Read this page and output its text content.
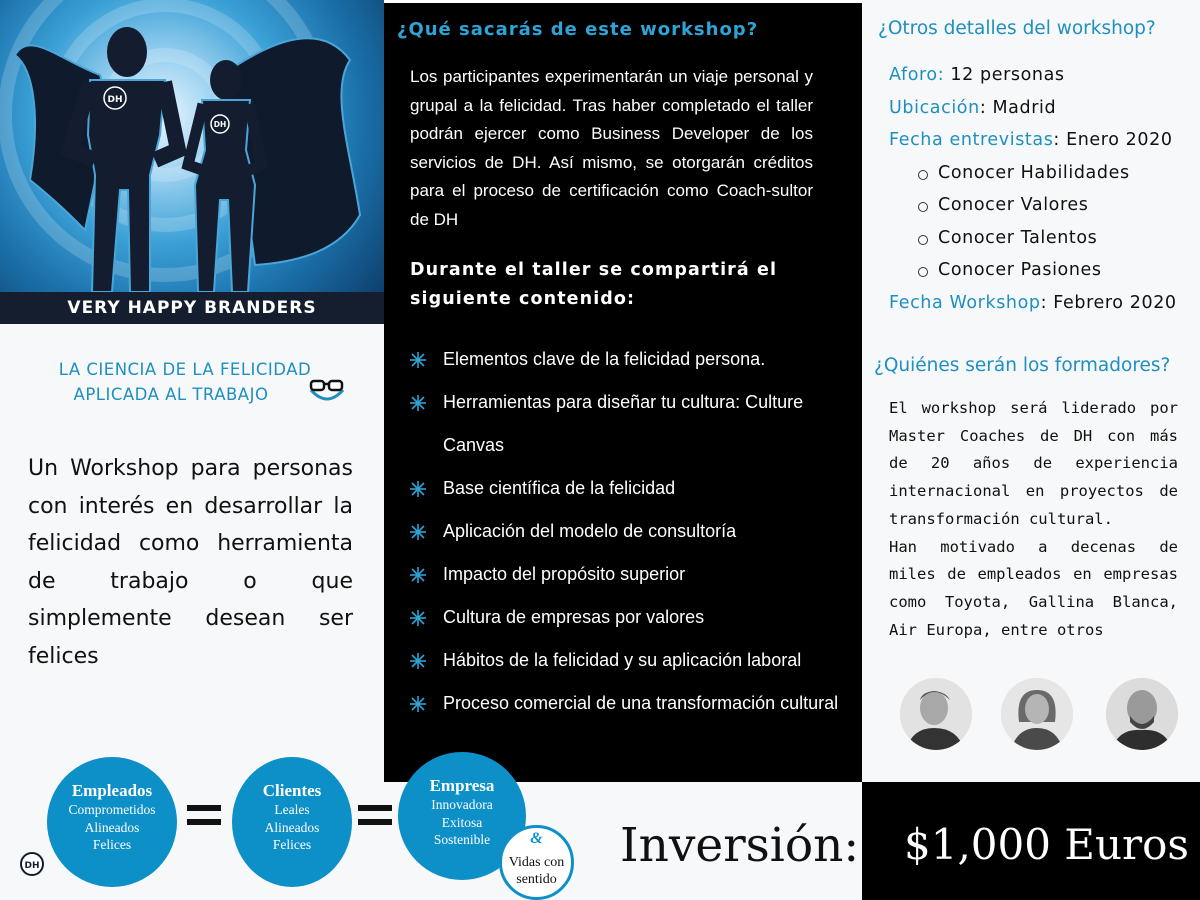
DH
DH
VERY HAPPY BRANDERS
LA CIENCIA DE LA FELICIDAD
APLICADA AL TRABAJO
Un Workshop para personas con interés en desarrollar la felicidad como herramienta de trabajo o que simplemente desean ser felices
¿Qué sacarás de este workshop?
Los participantes experimentarán un viaje personal y grupal a la felicidad. Tras haber completado el taller podrán ejercer como Business Developer de los servicios de DH. Así mismo, se otorgarán créditos para el proceso de certificación como Coach-sultor de DH
Durante el taller se compartirá el siguiente contenido:
Elementos clave de la felicidad persona.
Herramientas para diseñar tu cultura: Culture Canvas
Base científica de la felicidad
Aplicación del modelo de consultoría
Impacto del propósito superior
Cultura de empresas por valores
Hábitos de la felicidad y su aplicación laboral
Proceso comercial de una transformación cultural
¿Otros detalles del workshop?
Aforo: 12 personas
Ubicación: Madrid
Fecha entrevistas: Enero 2020
Conocer Habilidades
Conocer Valores
Conocer Talentos
Conocer Pasiones
Fecha Workshop: Febrero 2020
¿Quiénes serán los formadores?

El workshop será liderado por Master Coaches de DH con más de 20 años de experiencia internacional en proyectos de transformación cultural.

Han motivado a decenas de miles de empleados en empresas como Toyota, Gallina Blanca, Air Europa, entre otros

Empleados
Comprometidos
Alineados
Felices
Clientes
Leales
Alineados
Felices
Empresa
Innovadora
Exitosa
Sostenible	&
Vidas con
sentido
DH	Inversión: $1,000 Euros
